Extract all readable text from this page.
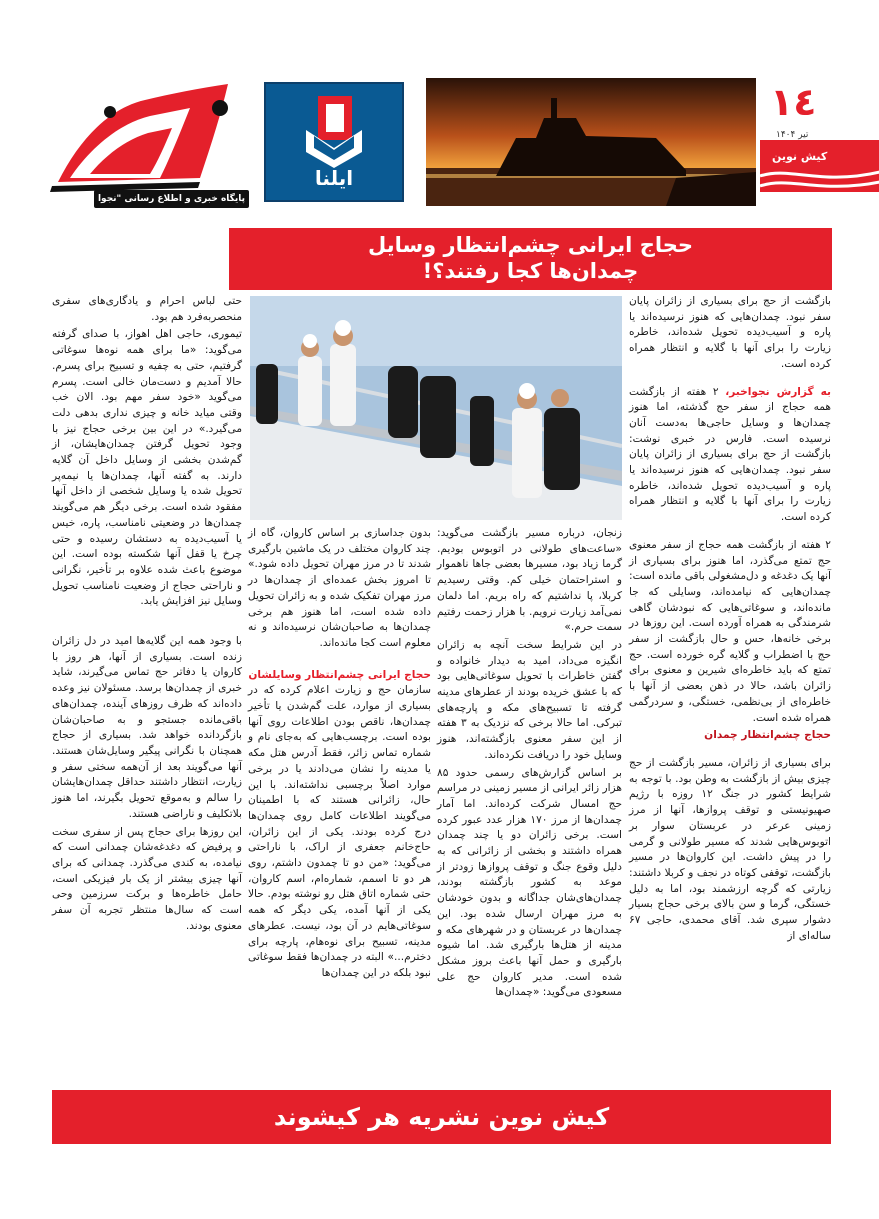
پایگاه خبری و اطلاع رسانی "نجوا خبر"
ایلنا
١٤
تیر ۱۴۰۴
کیش نوین
حجاج ایرانی چشم‌انتظار وسایل
چمدان‌ها کجا رفتند؟!

بازگشت از حج برای بسیاری از زائران پایان سفر نبود. چمدان‌هایی که هنوز نرسیده‌اند یا پاره و آسیب‌دیده تحویل شده‌اند، خاطره زیارت را برای آنها با گلایه و انتظار همراه کرده است.

به گزارش نجواخبر، ۲ هفته از بازگشت همه حجاج از سفر حج گذشته، اما هنوز چمدان‌ها و وسایل حاجی‌ها به‌دست آنان نرسیده است. فارس در خبری نوشت: بازگشت از حج برای بسیاری از زائران پایان سفر نبود. چمدان‌هایی که هنوز نرسیده‌اند یا پاره و آسیب‌دیده تحویل شده‌اند، خاطره زیارت را برای آنها با گلایه و انتظار همراه کرده است.

۲ هفته از بازگشت همه حجاج از سفر معنوی حج تمتع می‌گذرد، اما هنوز برای بسیاری از آنها یک دغدغه و دل‌مشغولی باقی مانده است: چمدان‌هایی که نیامده‌اند، وسایلی که جا مانده‌اند، و سوغاتی‌هایی که نبودشان گاهی شرمندگی به همراه آورده است. این روزها در برخی خانه‌ها، حس و حال بازگشت از سفر حج با اضطراب و گلایه گره خورده است. حج تمتع که باید خاطره‌ای شیرین و معنوی برای زائران باشد، حالا در ذهن بعضی از آنها با خاطره‌ای از بی‌نظمی، خستگی، و سردرگمی همراه شده است.

حجاج چشم‌انتظار چمدان

برای بسیاری از زائران، مسیر بازگشت از حج چیزی بیش از بازگشت به وطن بود. با توجه به شرایط کشور در جنگ ۱۲ روزه با رژیم صهیونیستی و توقف پروازها، آنها از مرز زمینی عرعر در عربستان سوار بر اتوبوس‌هایی شدند که مسیر طولانی و گرمی را در پیش داشت. این کاروان‌ها در مسیر بازگشت، توقفی کوتاه در نجف و کربلا داشتند: زیارتی که گرچه ارزشمند بود، اما به دلیل خستگی، گرما و سن بالای برخی حجاج بسیار دشوار سپری شد. آقای محمدی، حاجی ۶۷ ساله‌ای از

زنجان، درباره مسیر بازگشت می‌گوید: «ساعت‌های طولانی در اتوبوس بودیم. گرما زیاد بود، مسیرها بعضی جاها ناهموار و استراحتمان خیلی کم. وقتی رسیدیم کربلا، پا نداشتیم که راه بریم. اما دلمان نمی‌آمد زیارت نرویم. با هزار زحمت رفتیم سمت حرم.»

در این شرایط سخت آنچه به زائران انگیزه می‌داد، امید به دیدار خانواده و گفتن خاطرات با تحویل سوغاتی‌هایی بود که با عشق خریده بودند از عطرهای مدینه گرفته تا تسبیح‌های مکه و پارچه‌های تبرکی. اما حالا برخی که نزدیک به ۳ هفته از این سفر معنوی بازگشته‌اند، هنوز وسایل خود را دریافت نکرده‌اند.

بر اساس گزارش‌های رسمی حدود ۸۵ هزار زائر ایرانی از مسیر زمینی در مراسم حج امسال شرکت کرده‌اند. اما آمار چمدان‌ها از مرز ۱۷۰ هزار عدد عبور کرده است. برخی زائران دو یا چند چمدان همراه داشتند و بخشی از زائرانی که به دلیل وقوع جنگ و توقف پروازها زودتر از موعد به کشور بازگشته بودند، چمدان‌های‌شان جداگانه و بدون خودشان به مرز مهران ارسال شده بود. این چمدان‌ها در عربستان و در شهرهای مکه و مدینه از هتل‌ها بارگیری شد. اما شیوه بارگیری و حمل آنها باعث بروز مشکل شده است. مدیر کاروان حج علی مسعودی می‌گوید: «چمدان‌ها

بدون جداسازی بر اساس کاروان، گاه از چند کاروان مختلف در یک ماشین بارگیری شدند تا در مرز مهران تحویل داده شود.» تا امروز بخش عمده‌ای از چمدان‌ها در مرز مهران تفکیک شده و به زائران تحویل داده شده است، اما هنوز هم برخی چمدان‌ها به صاحبان‌شان نرسیده‌اند و نه معلوم است کجا مانده‌اند.

حجاج ایرانی چشم‌انتظار وسایلشان

سازمان حج و زیارت اعلام کرده که در بسیاری از موارد، علت گم‌شدن یا تأخیر چمدان‌ها، ناقص بودن اطلاعات روی آنها بوده است. برچسب‌هایی که به‌جای نام و شماره تماس زائر، فقط آدرس هتل مکه یا مدینه را نشان می‌دادند یا در برخی موارد اصلاً برچسبی نداشته‌اند. با این حال، زائرانی هستند که با اطمینان می‌گویند اطلاعات کامل روی چمدان‌ها درج کرده بودند. یکی از این زائران، حاج‌خانم جعفری از اراک، با ناراحتی می‌گوید: «من دو تا چمدون داشتم، روی هر دو تا اسمم، شماره‌ام، اسم کاروان، حتی شماره اتاق هتل رو نوشته بودم. حالا یکی از آنها آمده، یکی دیگر که همه سوغاتی‌هایم در آن بود، نیست. عطرهای مدینه، تسبیح برای نوه‌هام، پارچه برای دخترم...» البته در چمدان‌ها فقط سوغاتی نبود بلکه در این چمدان‌ها

حتی لباس احرام و یادگاری‌های سفری منحصربه‌فرد هم بود.

تیموری، حاجی اهل اهواز، با صدای گرفته می‌گوید: «ما برای همه نوه‌ها سوغاتی گرفتیم، حتی به چفیه و تسبیح برای پسرم. حالا آمدیم و دست‌مان خالی است. پسرم می‌گوید «خود سفر مهم بود. الان خب وقتی میاید خانه و چیزی نداری بدهی دلت می‌گیرد.» در این بین برخی حجاج نیز با وجود تحویل گرفتن چمدان‌هایشان، از گم‌شدن بخشی از وسایل داخل آن گلایه دارند. به گفته آنها، چمدان‌ها یا نیمه‌پر تحویل شده یا وسایل شخصی از داخل آنها مفقود شده است. برخی دیگر هم می‌گویند چمدان‌ها در وضعیتی نامناسب، پاره، خیس یا آسیب‌دیده به دستشان رسیده و حتی چرخ یا قفل آنها شکسته بوده است. این موضوع باعث شده علاوه بر تأخیر، نگرانی و ناراحتی حجاج از وضعیت نامناسب تحویل وسایل نیز افزایش یابد.

با وجود همه این گلایه‌ها امید در دل زائران زنده است. بسیاری از آنها، هر روز با کاروان یا دفاتر حج تماس می‌گیرند، شاید خبری از چمدان‌ها برسد. مسئولان نیز وعده داده‌اند که ظرف روزهای آینده، چمدان‌های باقی‌مانده جستجو و به صاحبان‌شان بازگردانده خواهد شد. بسیاری از حجاج همچنان با نگرانی پیگیر وسایل‌شان هستند. آنها می‌گویند بعد از آن‌همه سختی سفر و زیارت، انتظار داشتند حداقل چمدان‌هایشان را سالم و به‌موقع تحویل بگیرند، اما هنوز بلاتکلیف و ناراضی هستند.

این روزها برای حجاج پس از سفری سخت و پرفیض که دغدغه‌شان چمدانی است که نیامده، به کندی می‌گذرد. چمدانی که برای آنها چیزی بیشتر از یک بار فیزیکی است، حامل خاطره‌ها و برکت سرزمین وحی است که سال‌ها منتظر تجربه آن سفر معنوی بودند.

کیش نوین نشریه هر کیشوند
